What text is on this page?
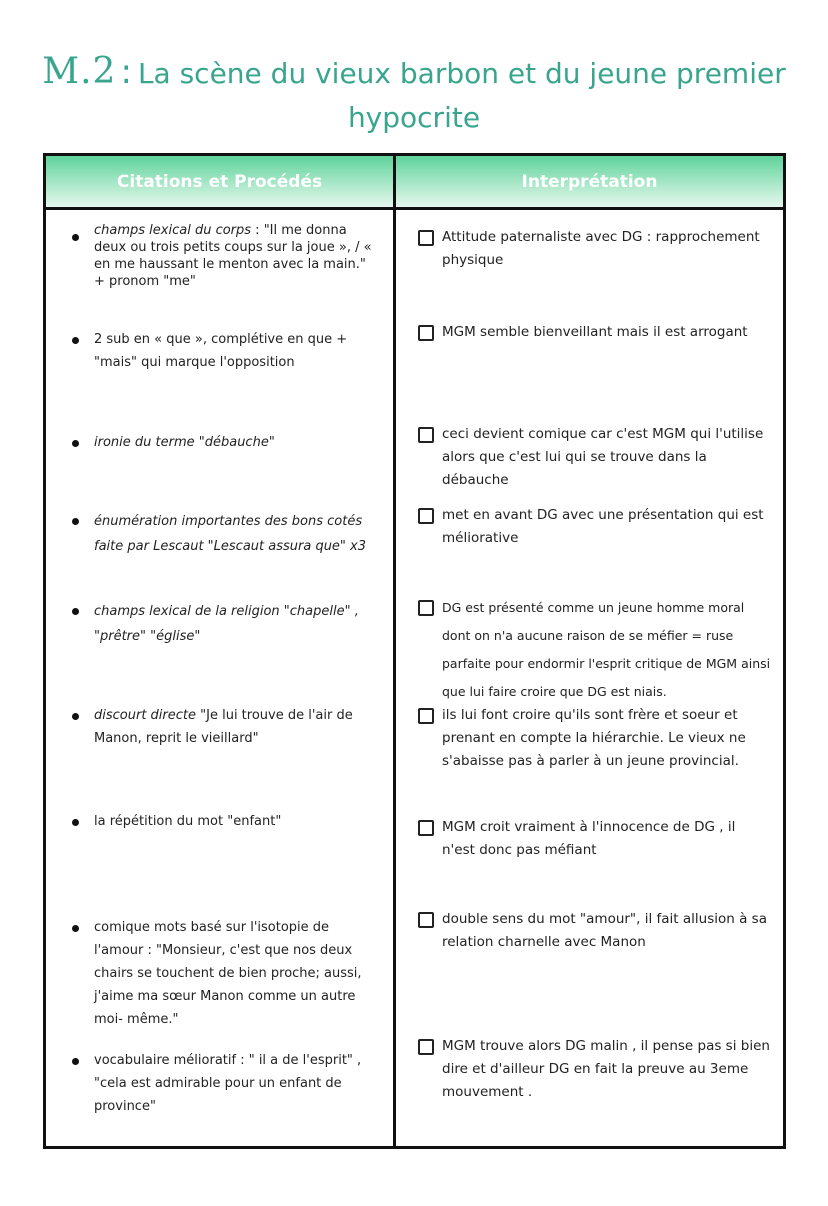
M.2 : La scène du vieux barbon et du jeune premier
hypocrite
Citations et Procédés	Interprétation
champs lexical du corps : "Il me donna deux ou trois petits coups sur la joue », / « en me haussant le menton avec la main." + pronom "me"
Attitude paternaliste avec DG : rapprochement physique
2 sub en « que », complétive en que + "mais" qui marque l'opposition
MGM semble bienveillant mais il est arrogant
ironie du terme "débauche"
ceci devient comique car c'est MGM qui l'utilise alors que c'est lui qui se trouve dans la débauche
énumération importantes des bons cotés faite par Lescaut "Lescaut assura que" x3
met en avant DG avec une présentation qui est méliorative
champs lexical de la religion "chapelle" , "prêtre" "église"
DG est présenté comme un jeune homme moral dont on n'a aucune raison de se méfier = ruse parfaite pour endormir l'esprit critique de MGM ainsi que lui faire croire que DG est niais.
discourt directe "Je lui trouve de l'air de Manon, reprit le vieillard"
ils lui font croire qu'ils sont frère et soeur et prenant en compte la hiérarchie. Le vieux ne s'abaisse pas à parler à un jeune provincial.
la répétition du mot "enfant"	MGM croit vraiment à l'innocence de DG , il n'est donc pas méfiant
comique mots basé sur l'isotopie de l'amour : "Monsieur, c'est que nos deux chairs se touchent de bien proche; aussi, j'aime ma sœur Manon comme un autre moi- même."
double sens du mot "amour", il fait allusion à sa relation charnelle avec Manon
vocabulaire mélioratif : " il a de l'esprit" , "cela est admirable pour un enfant de province"
MGM trouve alors DG malin , il pense pas si bien dire et d'ailleur DG en fait la preuve au 3eme mouvement .
